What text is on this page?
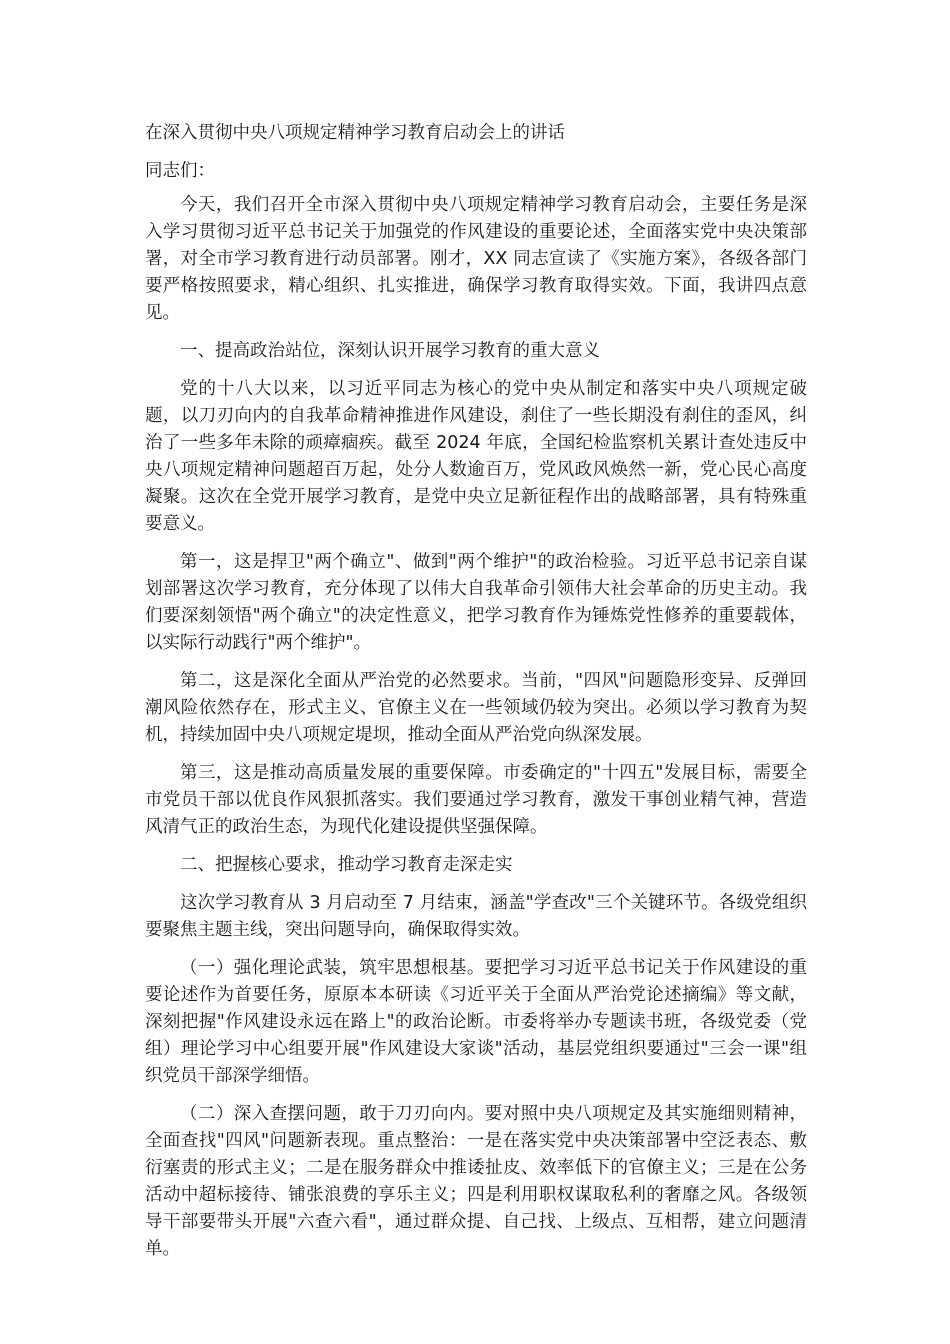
在深入贯彻中央八项规定精神学习教育启动会上的讲话
同志们：

今天，我们召开全市深入贯彻中央八项规定精神学习教育启动会，主要任务是深入学习贯彻习近平总书记关于加强党的作风建设的重要论述，全面落实党中央决策部署，对全市学习教育进行动员部署。刚才，XX 同志宣读了《实施方案》，各级各部门要严格按照要求，精心组织、扎实推进，确保学习教育取得实效。下面，我讲四点意见。

一、提高政治站位，深刻认识开展学习教育的重大意义

党的十八大以来，以习近平同志为核心的党中央从制定和落实中央八项规定破题，以刀刃向内的自我革命精神推进作风建设，刹住了一些长期没有刹住的歪风，纠治了一些多年未除的顽瘴痼疾。截至 2024 年底，全国纪检监察机关累计查处违反中央八项规定精神问题超百万起，处分人数逾百万，党风政风焕然一新，党心民心高度凝聚。这次在全党开展学习教育，是党中央立足新征程作出的战略部署，具有特殊重要意义。

第一，这是捍卫"两个确立"、做到"两个维护"的政治检验。习近平总书记亲自谋划部署这次学习教育，充分体现了以伟大自我革命引领伟大社会革命的历史主动。我们要深刻领悟"两个确立"的决定性意义，把学习教育作为锤炼党性修养的重要载体，以实际行动践行"两个维护"。

第二，这是深化全面从严治党的必然要求。当前，"四风"问题隐形变异、反弹回潮风险依然存在，形式主义、官僚主义在一些领域仍较为突出。必须以学习教育为契机，持续加固中央八项规定堤坝，推动全面从严治党向纵深发展。

第三，这是推动高质量发展的重要保障。市委确定的"十四五"发展目标，需要全市党员干部以优良作风狠抓落实。我们要通过学习教育，激发干事创业精气神，营造风清气正的政治生态，为现代化建设提供坚强保障。

二、把握核心要求，推动学习教育走深走实

这次学习教育从 3 月启动至 7 月结束，涵盖"学查改"三个关键环节。各级党组织要聚焦主题主线，突出问题导向，确保取得实效。

（一）强化理论武装，筑牢思想根基。要把学习习近平总书记关于作风建设的重要论述作为首要任务，原原本本研读《习近平关于全面从严治党论述摘编》等文献，深刻把握"作风建设永远在路上"的政治论断。市委将举办专题读书班，各级党委（党组）理论学习中心组要开展"作风建设大家谈"活动，基层党组织要通过"三会一课"组织党员干部深学细悟。

（二）深入查摆问题，敢于刀刃向内。要对照中央八项规定及其实施细则精神，全面查找"四风"问题新表现。重点整治：一是在落实党中央决策部署中空泛表态、敷衍塞责的形式主义；二是在服务群众中推诿扯皮、效率低下的官僚主义；三是在公务活动中超标接待、铺张浪费的享乐主义；四是利用职权谋取私利的奢靡之风。各级领导干部要带头开展"六查六看"，通过群众提、自己找、上级点、互相帮，建立问题清单。
